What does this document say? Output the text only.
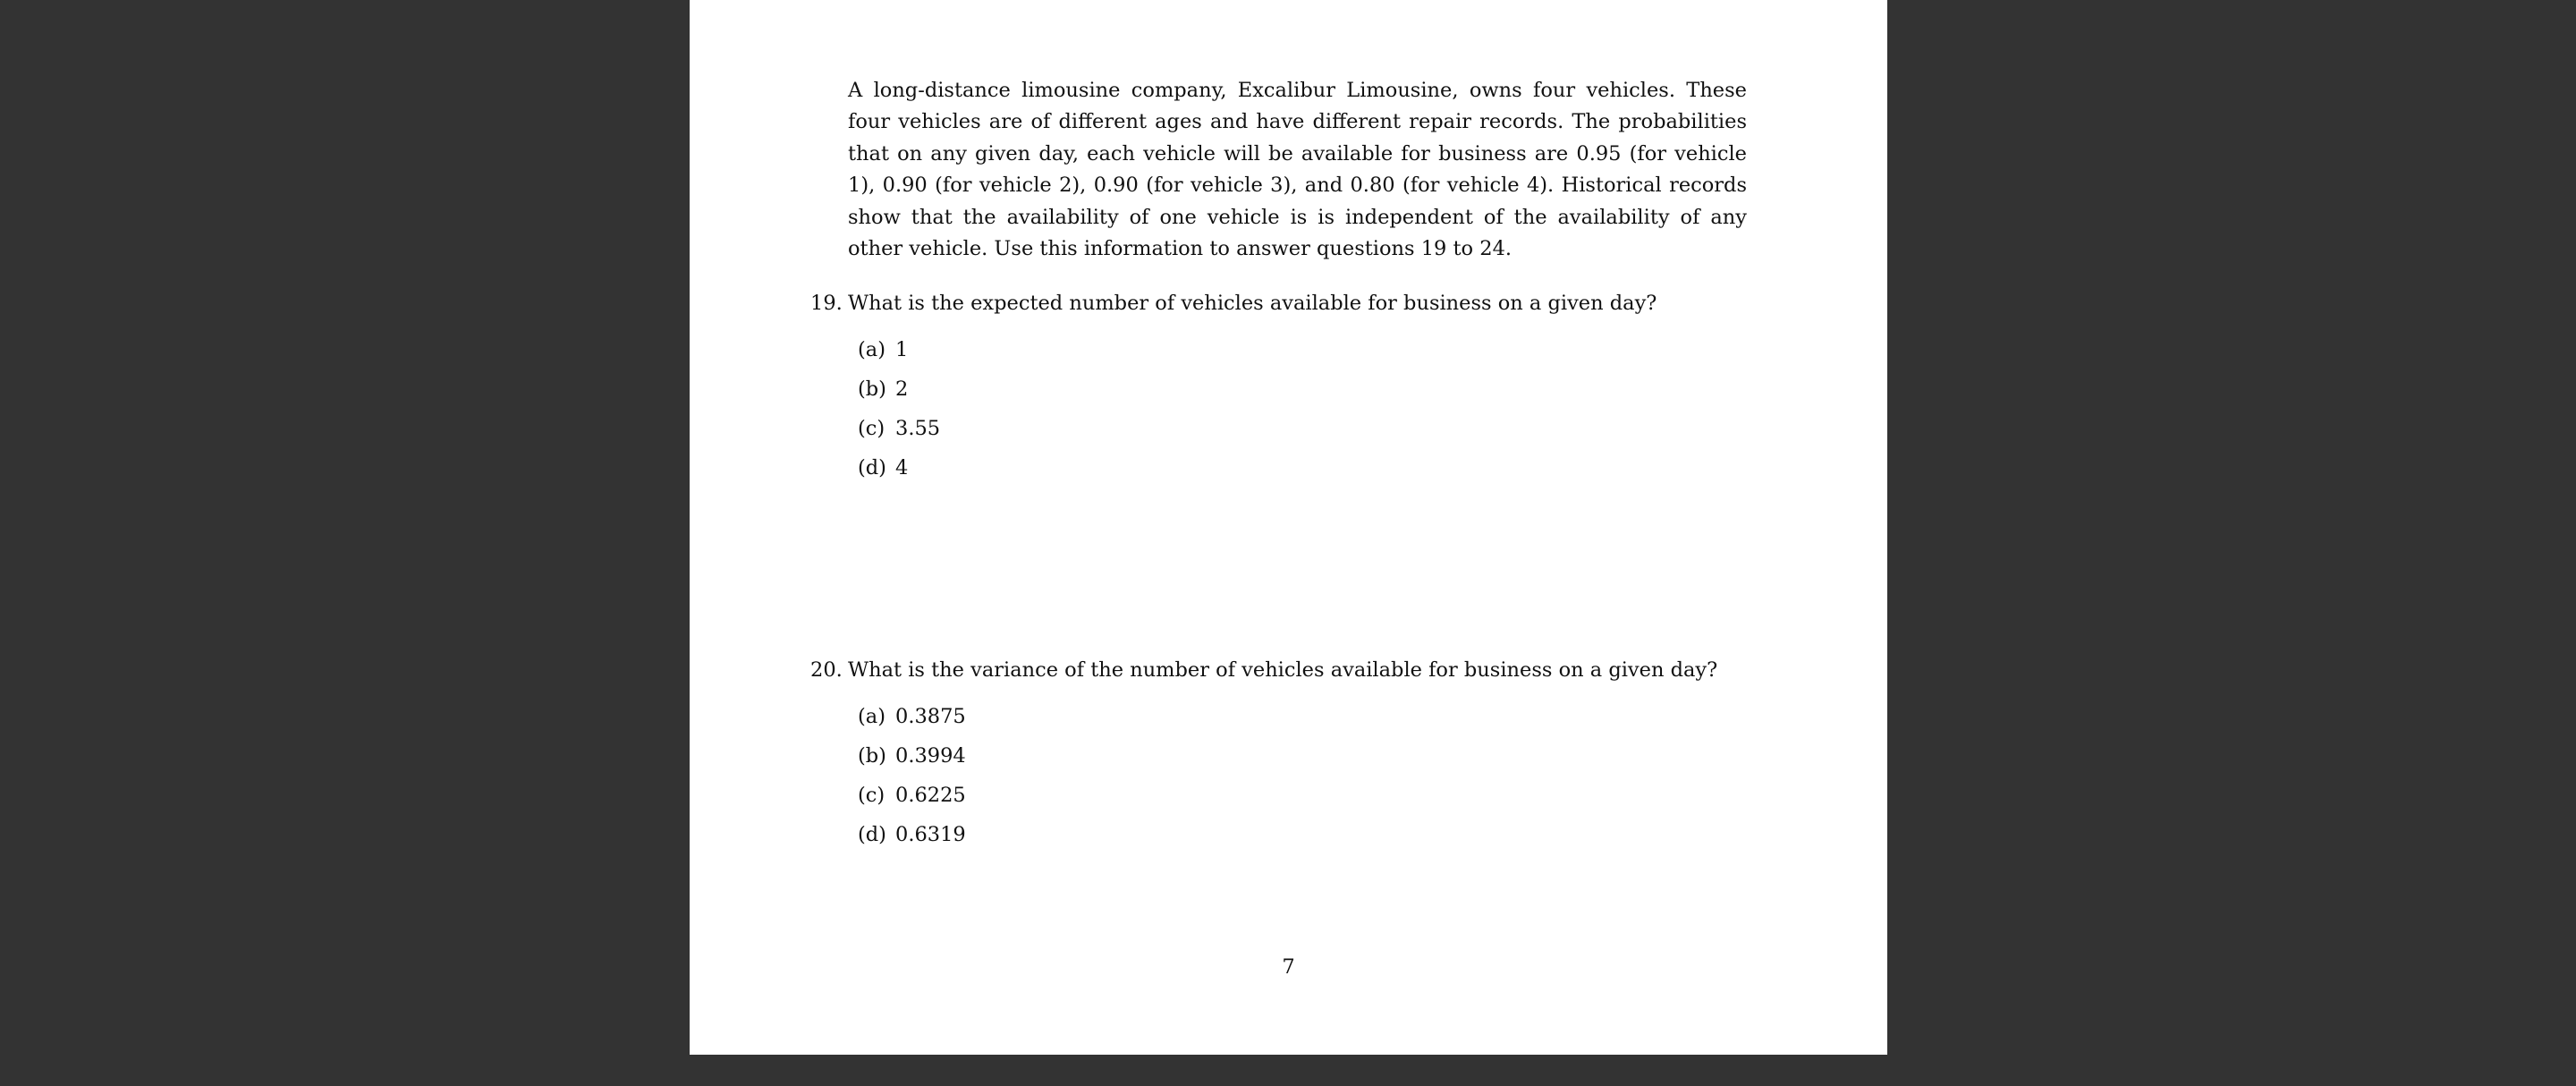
A long-distance limousine company, Excalibur Limousine, owns four vehicles. These four vehicles are of different ages and have different repair records. The probabilities that on any given day, each vehicle will be available for business are 0.95 (for vehicle 1), 0.90 (for vehicle 2), 0.90 (for vehicle 3), and 0.80 (for vehicle 4). Historical records show that the availability of one vehicle is is independent of the availability of any other vehicle. Use this information to answer questions 19 to 24.

19. What is the expected number of vehicles available for business on a given day?
(a) 1
(b) 2
(c) 3.55
(d) 4
20. What is the variance of the number of vehicles available for business on a given day?
(a) 0.3875
(b) 0.3994
(c) 0.6225
(d) 0.6319
7
